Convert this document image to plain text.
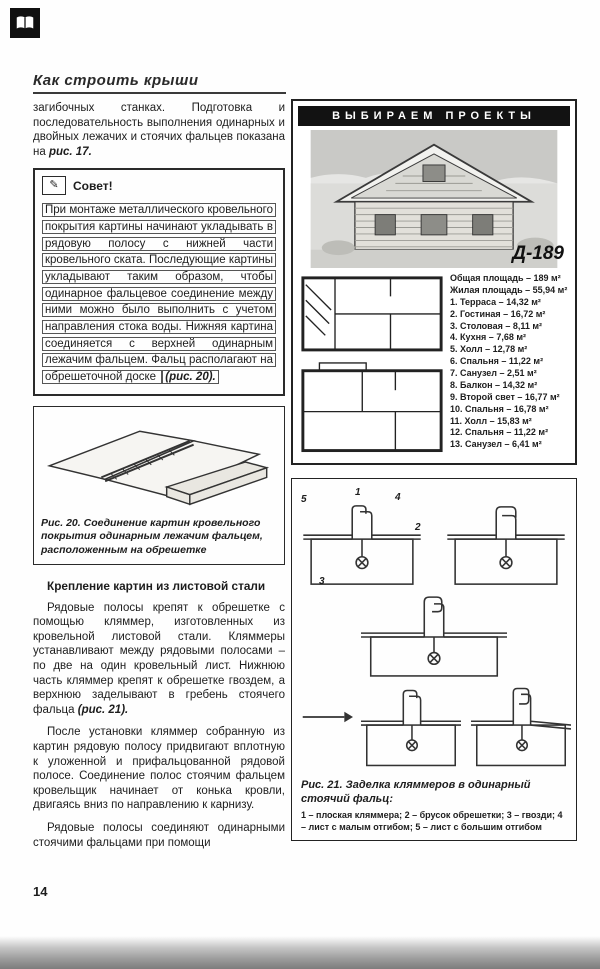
Как строить крыши

загибочных станках. Подготовка и последовательность выполнения одинарных и двойных лежачих и стоячих фальцев показана на рис. 17.

✎	Совет!

При монтаже металлического кровельного покрытия картины начинают укладывать в рядовую полосу с нижней части кровельного ската. Последующие картины укладывают таким образом, чтобы одинарное фальцевое соединение между ними можно было выполнить с учетом направления стока воды. Нижняя картина соединяется с верхней одинарным лежачим фальцем. Фальц располагают на обрешеточной доске (рис. 20).

Рис. 20. Соединение картин кровельного покрытия одинарным лежачим фальцем, расположенным на обрешетке
Крепление картин из листовой стали

Рядовые полосы крепят к обрешетке с помощью кляммер, изготовленных из кровельной листовой стали. Кляммеры устанавливают между рядовыми полосами – по две на один кровельный лист. Нижнюю часть кляммер крепят к обрешетке гвоздем, а верхнюю заделывают в гребень стоячего фальца (рис. 21).

После установки кляммер собранную из картин рядовую полосу придвигают вплотную к уложенной и прифальцованной рядовой полосе. Соединение полос стоячим фальцем кровельщик начинает от конька кровли, двигаясь вниз по направлению к карнизу.

Рядовые полосы соединяют одинарными стоячими фальцами при помощи

14
ВЫБИРАЕМ ПРОЕКТЫ
Д-189
Общая площадь – 189 м²
Жилая площадь – 55,94 м²
1. Терраса – 14,32 м²
2. Гостиная – 16,72 м²
3. Столовая – 8,11 м²
4. Кухня – 7,68 м²
5. Холл – 12,78 м²
6. Спальня – 11,22 м²
7. Санузел – 2,51 м²
8. Балкон – 14,32 м²
9. Второй свет – 16,77 м²
10. Спальня – 16,78 м²
11. Холл – 15,83 м²
12. Спальня – 11,22 м²
13. Санузел – 6,41 м²
5
1	4
2
3
Рис. 21. Заделка кляммеров в одинарный стоячий фальц:
1 – плоская кляммера; 2 – брусок обрешетки; 3 – гвозди; 4 – лист с малым отгибом; 5 – лист с большим отгибом
